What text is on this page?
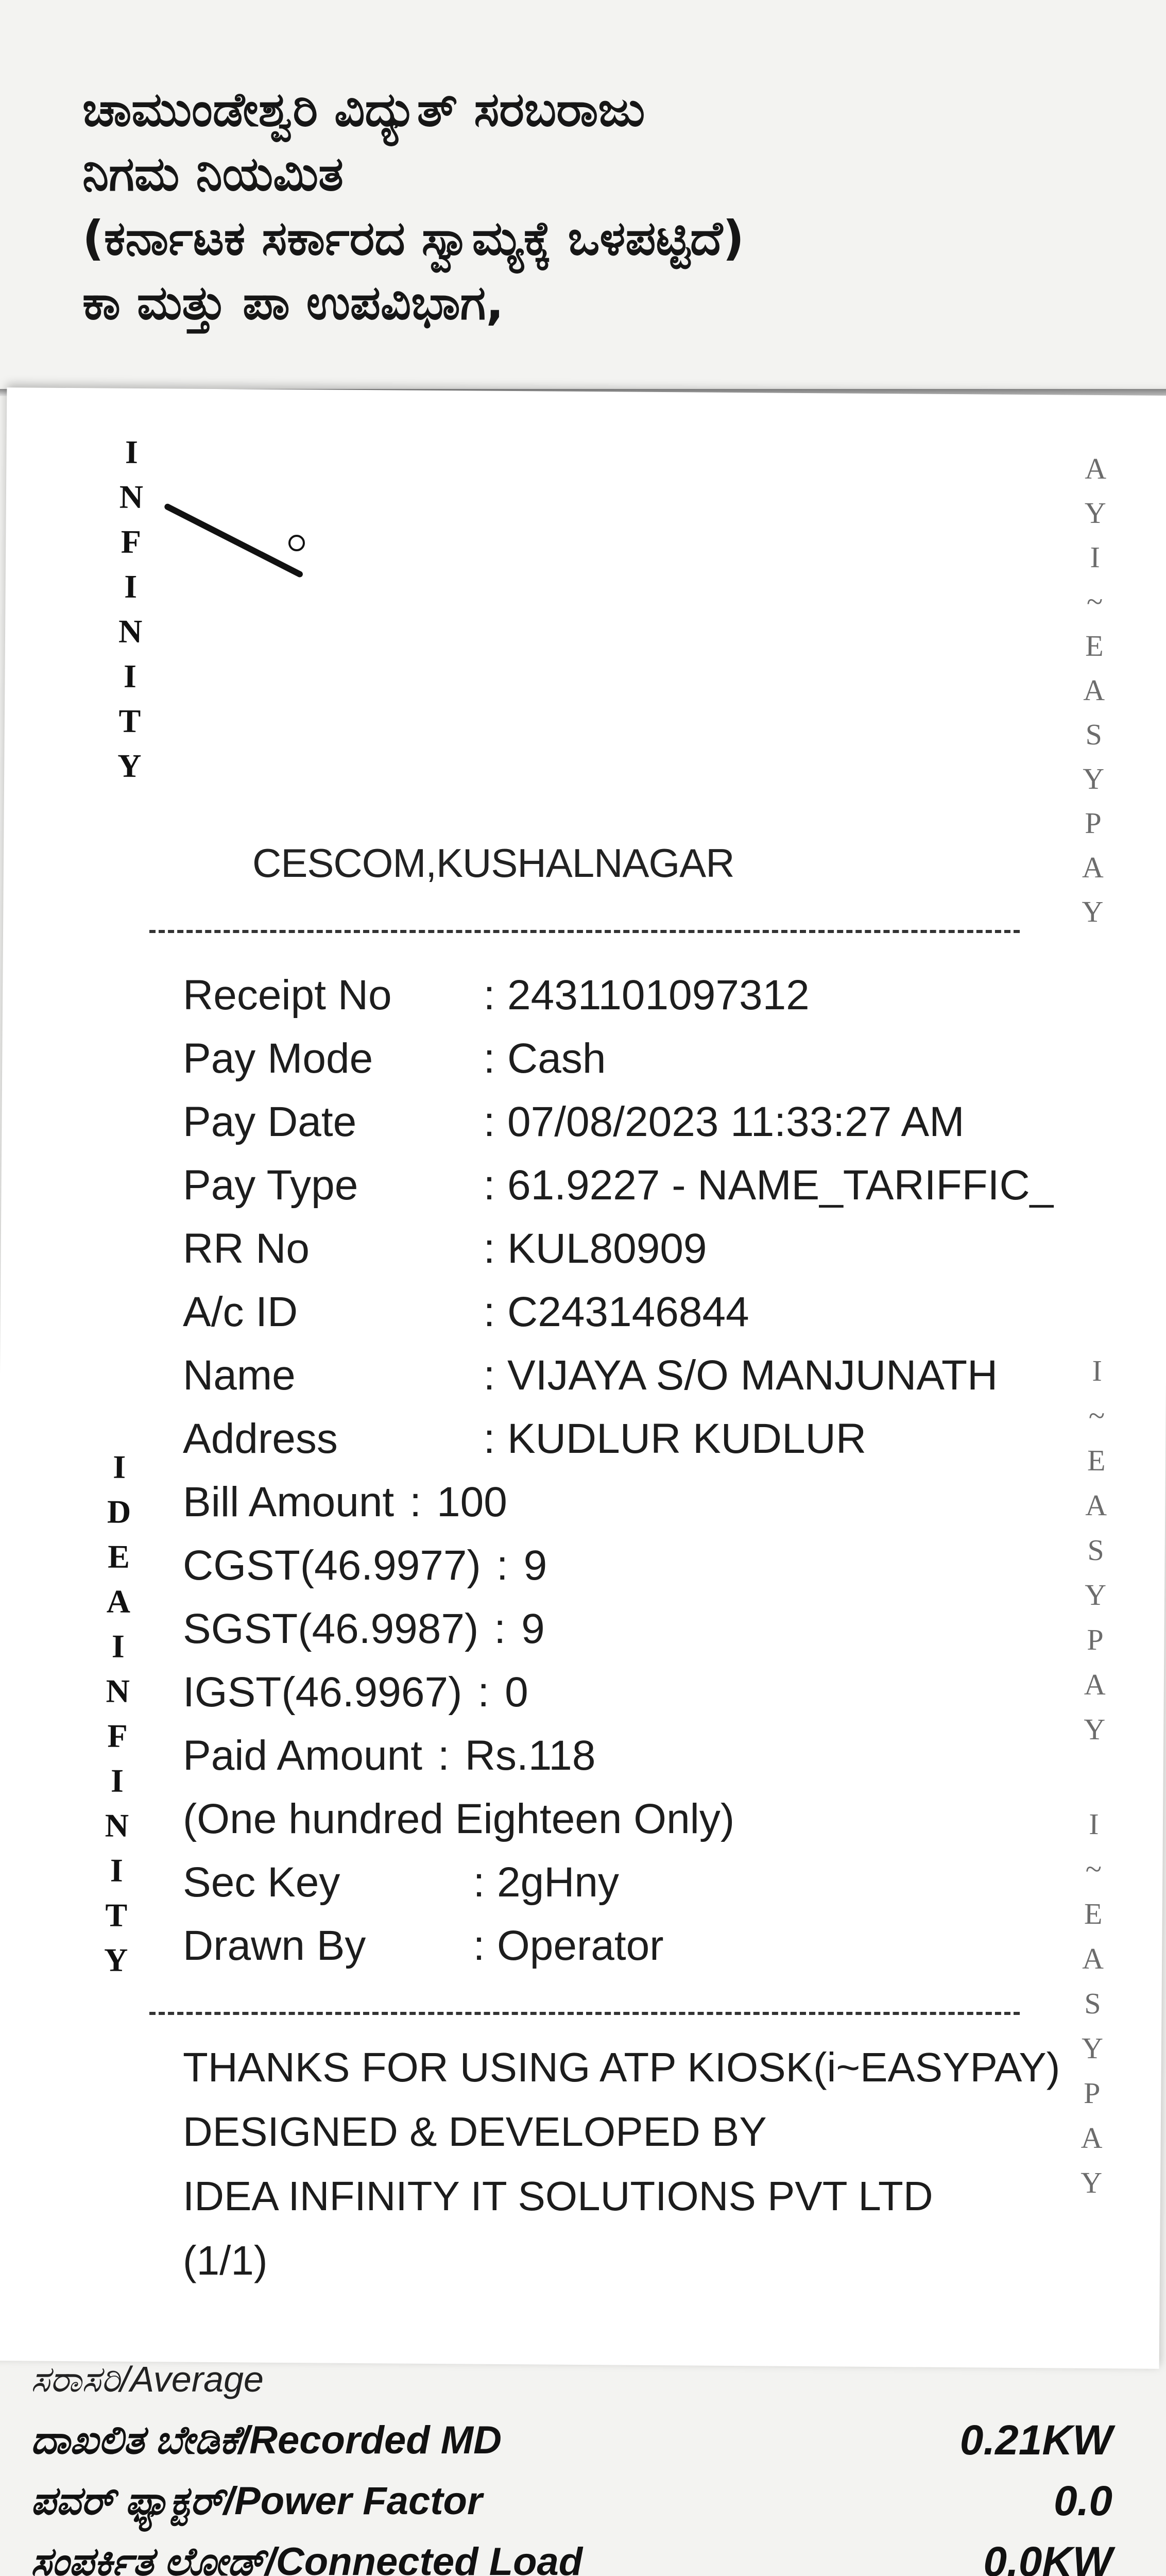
ಚಾಮುಂಡೇಶ್ವರಿ ವಿದ್ಯುತ್ ಸರಬರಾಜು
ನಿಗಮ ನಿಯಮಿತ
(ಕರ್ನಾಟಕ ಸರ್ಕಾರದ ಸ್ವಾಮ್ಯಕ್ಕೆ ಒಳಪಟ್ಟಿದೆ)
ಕಾ ಮತ್ತು ಪಾ ಉಪವಿಭಾಗ,
I
N
F
I
N
I
T
Y
A
Y
I
~
E
A
S
Y
P
A
Y
I
D
E
A
I
N
F
I
N
I
T
Y
I
~
E
A
S
Y
P
A
Y
I
~
E
A
S
Y
P
A
Y
CESCOM,KUSHALNAGAR
Receipt No	: 2431101097312
Pay Mode	: Cash
Pay Date	: 07/08/2023 11:33:27 AM
Pay Type	: 61.9227 - NAME_TARIFFIC_
RR No	: KUL80909
A/c ID	: C243146844
Name	: VIJAYA S/O MANJUNATH
Address	: KUDLUR KUDLUR
Bill Amount : 100
CGST(46.9977) : 9
SGST(46.9987) : 9
IGST(46.9967) : 0
Paid Amount : Rs.118
(One hundred Eighteen Only)
Sec Key	: 2gHny
Drawn By	: Operator
THANKS FOR USING ATP KIOSK(i~EASYPAY)
DESIGNED & DEVELOPED BY
IDEA INFINITY IT SOLUTIONS PVT LTD
(1/1)
ಸರಾಸರಿ/Average
ದಾಖಲಿತ ಬೇಡಿಕೆ/Recorded MD	0.21KW
ಪವರ್ ಫ್ಯಾಕ್ಟರ್/Power Factor	0.0
ಸಂಪರ್ಕಿತ ಲೋಡ್/Connected Load	0.0KW
